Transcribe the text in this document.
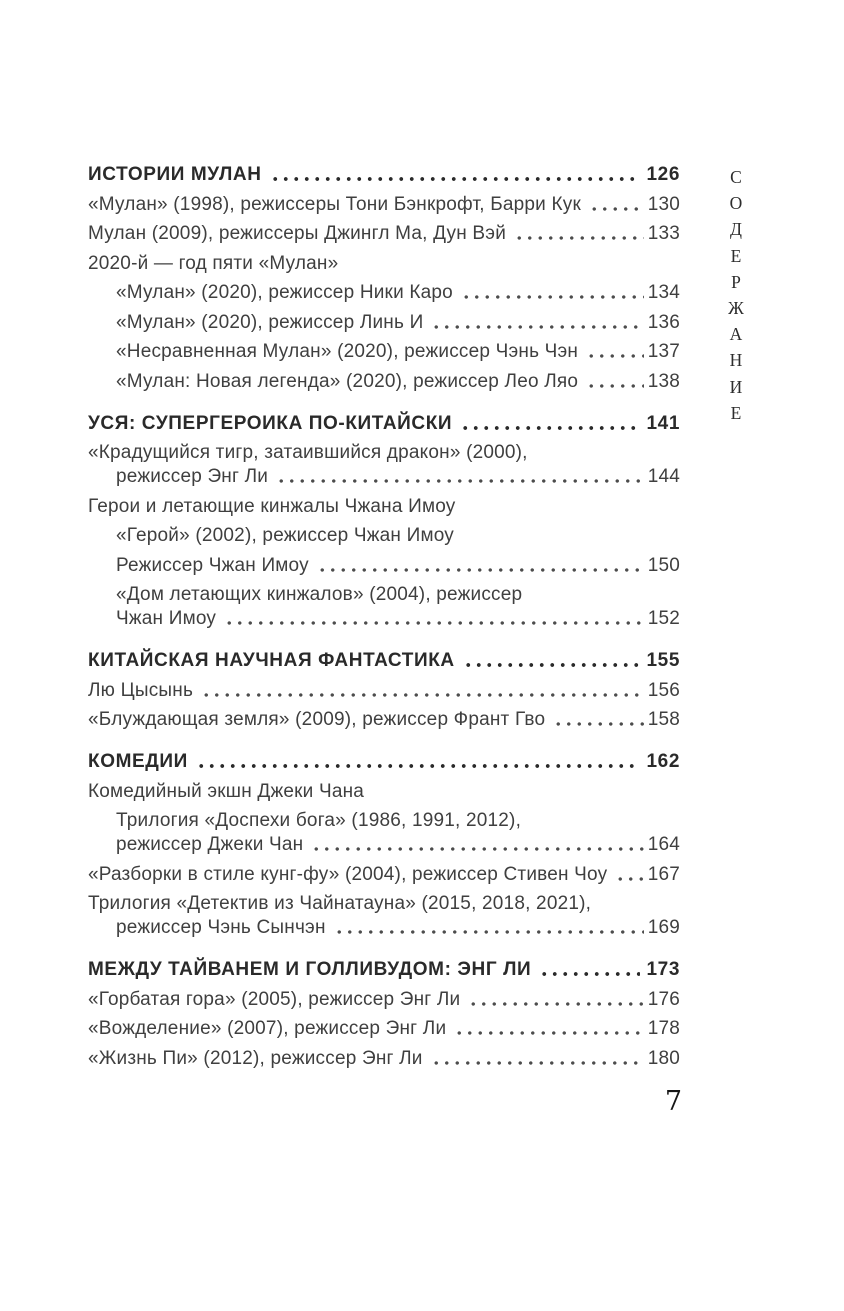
ИСТОРИИ МУЛАН	126
«Мулан» (1998), режиссеры Тони Бэнкрофт, Барри Кук	130
Мулан (2009), режиссеры Джингл Ма, Дун Вэй	133
2020-й — год пяти «Мулан»
«Мулан» (2020), режиссер Ники Каро	134
«Мулан» (2020), режиссер Линь И	136
«Несравненная Мулан» (2020), режиссер Чэнь Чэн	137
«Мулан: Новая легенда» (2020), режиссер Лео Ляо	138
УСЯ: СУПЕРГЕРОИКА ПО-КИТАЙСКИ	141
«Крадущийся тигр, затаившийся дракон» (2000),
режиссер Энг Ли	144
Герои и летающие кинжалы Чжана Имоу
«Герой» (2002), режиссер Чжан Имоу
Режиссер Чжан Имоу	150
«Дом летающих кинжалов» (2004), режиссер
Чжан Имоу	152
КИТАЙСКАЯ НАУЧНАЯ ФАНТАСТИКА	155
Лю Цысынь	156
«Блуждающая земля» (2009), режиссер Франт Гво	158
КОМЕДИИ	162
Комедийный экшн Джеки Чана
Трилогия «Доспехи бога» (1986, 1991, 2012),
режиссер Джеки Чан	164
«Разборки в стиле кунг-фу» (2004), режиссер Стивен Чоу 167
Трилогия «Детектив из Чайнатауна» (2015, 2018, 2021),
режиссер Чэнь Сынчэн	169
МЕЖДУ ТАЙВАНЕМ И ГОЛЛИВУДОМ: ЭНГ ЛИ	173
«Горбатая гора» (2005), режиссер Энг Ли	176
«Вожделение» (2007), режиссер Энг Ли	178
«Жизнь Пи» (2012), режиссер Энг Ли	180
С
О
Д
Е
Р
Ж
А
Н
И
Е
7
